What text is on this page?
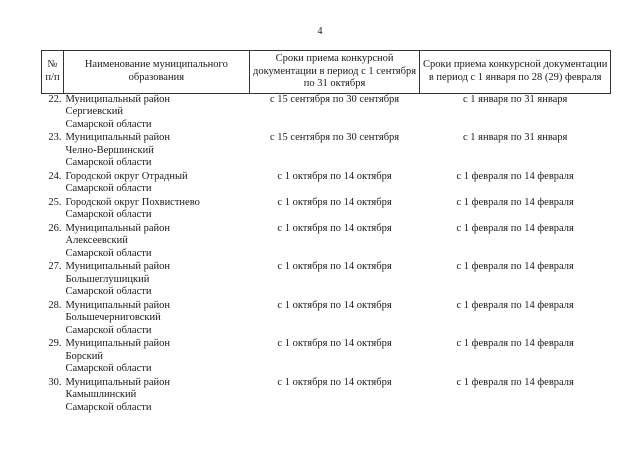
4
№ п/п	Наименование муниципального образования	Сроки приема конкурсной документации в период с 1 сентября по 31 октября	Сроки приема конкурсной документации в период с 1 января по 28 (29) февраля
22.	Муниципальный район
Сергиевский
Самарской области	с 15 сентября по 30 сентября	с 1 января по 31 января
23.	Муниципальный район
Челно-Вершинский
Самарской области	с 15 сентября по 30 сентября	с 1 января по 31 января
24.	Городской округ Отрадный
Самарской области	с 1 октября по 14 октября	с 1 февраля по 14 февраля
25.	Городской округ Похвистнево
Самарской области	с 1 октября по 14 октября	с 1 февраля по 14 февраля
26.	Муниципальный район
Алексеевский
Самарской области	с 1 октября по 14 октября	с 1 февраля по 14 февраля
27.	Муниципальный район
Большеглушицкий
Самарской области	с 1 октября по 14 октября	с 1 февраля по 14 февраля
28.	Муниципальный район
Большечерниговский
Самарской области	с 1 октября по 14 октября	с 1 февраля по 14 февраля
29.	Муниципальный район
Борский
Самарской области	с 1 октября по 14 октября	с 1 февраля по 14 февраля
30.	Муниципальный район
Камышлинский
Самарской области	с 1 октября по 14 октября	с 1 февраля по 14 февраля
